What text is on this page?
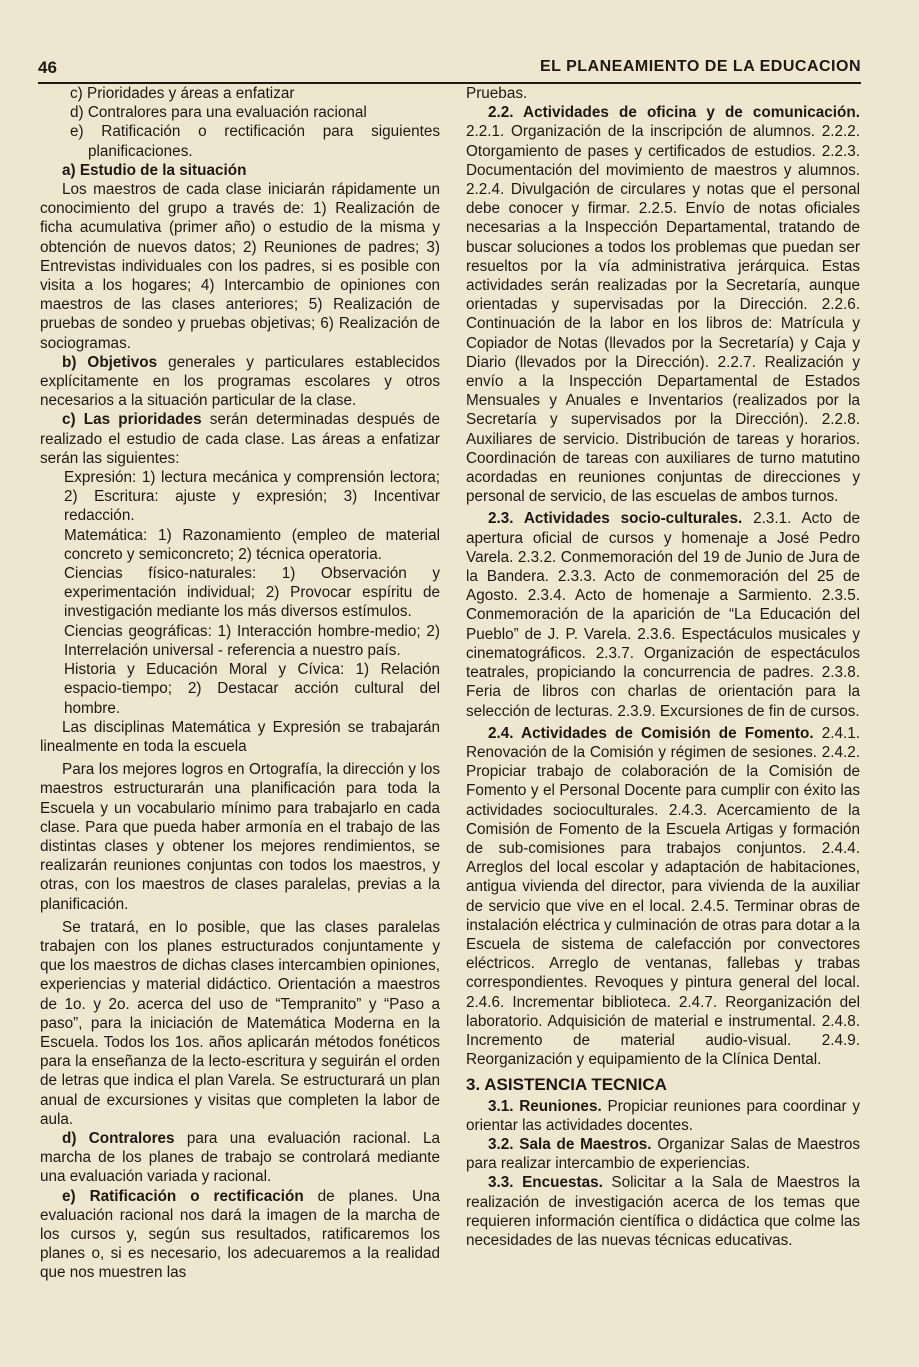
46	EL PLANEAMIENTO DE LA EDUCACION

c) Prioridades y áreas a enfatizar

d) Contralores para una evaluación racional

e) Ratificación o rectificación para siguientes planificaciones.

a) Estudio de la situación

Los maestros de cada clase iniciarán rápidamente un conocimiento del grupo a través de: 1) Realización de ficha acumulativa (primer año) o estudio de la misma y obtención de nuevos datos; 2) Reuniones de padres; 3) Entrevistas individuales con los padres, si es posible con visita a los hogares; 4) Intercambio de opiniones con maestros de las clases anteriores; 5) Realización de pruebas de sondeo y pruebas objetivas; 6) Realización de sociogramas.

b) Objetivos generales y particulares establecidos explícitamente en los programas escolares y otros necesarios a la situación particular de la clase.

c) Las prioridades serán determinadas después de realizado el estudio de cada clase. Las áreas a enfatizar serán las siguientes:

Expresión: 1) lectura mecánica y comprensión lectora; 2) Escritura: ajuste y expresión; 3) Incentivar redacción.

Matemática: 1) Razonamiento (empleo de material concreto y semiconcreto; 2) técnica operatoria.

Ciencias físico-naturales: 1) Observación y experimentación individual; 2) Provocar espíritu de investigación mediante los más diversos estímulos.

Ciencias geográficas: 1) Interacción hombre-medio; 2) Interrelación universal - referencia a nuestro país.

Historia y Educación Moral y Cívica: 1) Relación espacio-tiempo; 2) Destacar acción cultural del hombre.

Las disciplinas Matemática y Expresión se trabajarán linealmente en toda la escuela

Para los mejores logros en Ortografía, la dirección y los maestros estructurarán una planificación para toda la Escuela y un vocabulario mínimo para trabajarlo en cada clase. Para que pueda haber armonía en el trabajo de las distintas clases y obtener los mejores rendimientos, se realizarán reuniones conjuntas con todos los maestros, y otras, con los maestros de clases paralelas, previas a la planificación.

Se tratará, en lo posible, que las clases paralelas trabajen con los planes estructurados conjuntamente y que los maestros de dichas clases intercambien opiniones, experiencias y material didáctico. Orientación a maestros de 1o. y 2o. acerca del uso de “Tempranito” y “Paso a paso”, para la iniciación de Matemática Moderna en la Escuela. Todos los 1os. años aplicarán métodos fonéticos para la enseñanza de la lecto-escritura y seguirán el orden de letras que indica el plan Varela. Se estructurará un plan anual de excursiones y visitas que completen la labor de aula.

d) Contralores para una evaluación racional. La marcha de los planes de trabajo se controlará mediante una evaluación variada y racional.

e) Ratificación o rectificación de planes. Una evaluación racional nos dará la imagen de la marcha de los cursos y, según sus resultados, ratificaremos los planes o, si es necesario, los adecuaremos a la realidad que nos muestren las

Pruebas.

2.2. Actividades de oficina y de comunicación. 2.2.1. Organización de la inscripción de alumnos. 2.2.2. Otorgamiento de pases y certificados de estudios. 2.2.3. Documentación del movimiento de maestros y alumnos. 2.2.4. Divulgación de circulares y notas que el personal debe conocer y firmar. 2.2.5. Envío de notas oficiales necesarias a la Inspección Departamental, tratando de buscar soluciones a todos los problemas que puedan ser resueltos por la vía administrativa jerárquica. Estas actividades serán realizadas por la Secretaría, aunque orientadas y supervisadas por la Dirección. 2.2.6. Continuación de la labor en los libros de: Matrícula y Copiador de Notas (llevados por la Secretaría) y Caja y Diario (llevados por la Dirección). 2.2.7. Realización y envío a la Inspección Departamental de Estados Mensuales y Anuales e Inventarios (realizados por la Secretaría y supervisados por la Dirección). 2.2.8. Auxiliares de servicio. Distribución de tareas y horarios. Coordinación de tareas con auxiliares de turno matutino acordadas en reuniones conjuntas de direcciones y personal de servicio, de las escuelas de ambos turnos.

2.3. Actividades socio-culturales. 2.3.1. Acto de apertura oficial de cursos y homenaje a José Pedro Varela. 2.3.2. Conmemoración del 19 de Junio de Jura de la Bandera. 2.3.3. Acto de conmemoración del 25 de Agosto. 2.3.4. Acto de homenaje a Sarmiento. 2.3.5. Conmemoración de la aparición de “La Educación del Pueblo” de J. P. Varela. 2.3.6. Espectáculos musicales y cinematográficos. 2.3.7. Organización de espectáculos teatrales, propiciando la concurrencia de padres. 2.3.8. Feria de libros con charlas de orientación para la selección de lecturas. 2.3.9. Excursiones de fin de cursos.

2.4. Actividades de Comisión de Fomento. 2.4.1. Renovación de la Comisión y régimen de sesiones. 2.4.2. Propiciar trabajo de colaboración de la Comisión de Fomento y el Personal Docente para cumplir con éxito las actividades socioculturales. 2.4.3. Acercamiento de la Comisión de Fomento de la Escuela Artigas y formación de sub-comisiones para trabajos conjuntos. 2.4.4. Arreglos del local escolar y adaptación de habitaciones, antigua vivienda del director, para vivienda de la auxiliar de servicio que vive en el local. 2.4.5. Terminar obras de instalación eléctrica y culminación de otras para dotar a la Escuela de sistema de calefacción por convectores eléctricos. Arreglo de ventanas, fallebas y trabas correspondientes. Revoques y pintura general del local. 2.4.6. Incrementar biblioteca. 2.4.7. Reorganización del laboratorio. Adquisición de material e instrumental. 2.4.8. Incremento de material audio-visual. 2.4.9. Reorganización y equipamiento de la Clínica Dental.

3. ASISTENCIA TECNICA

3.1. Reuniones. Propiciar reuniones para coordinar y orientar las actividades docentes.

3.2. Sala de Maestros. Organizar Salas de Maestros para realizar intercambio de experiencias.

3.3. Encuestas. Solicitar a la Sala de Maestros la realización de investigación acerca de los temas que requieren información científica o didáctica que colme las necesidades de las nuevas técnicas educativas.
